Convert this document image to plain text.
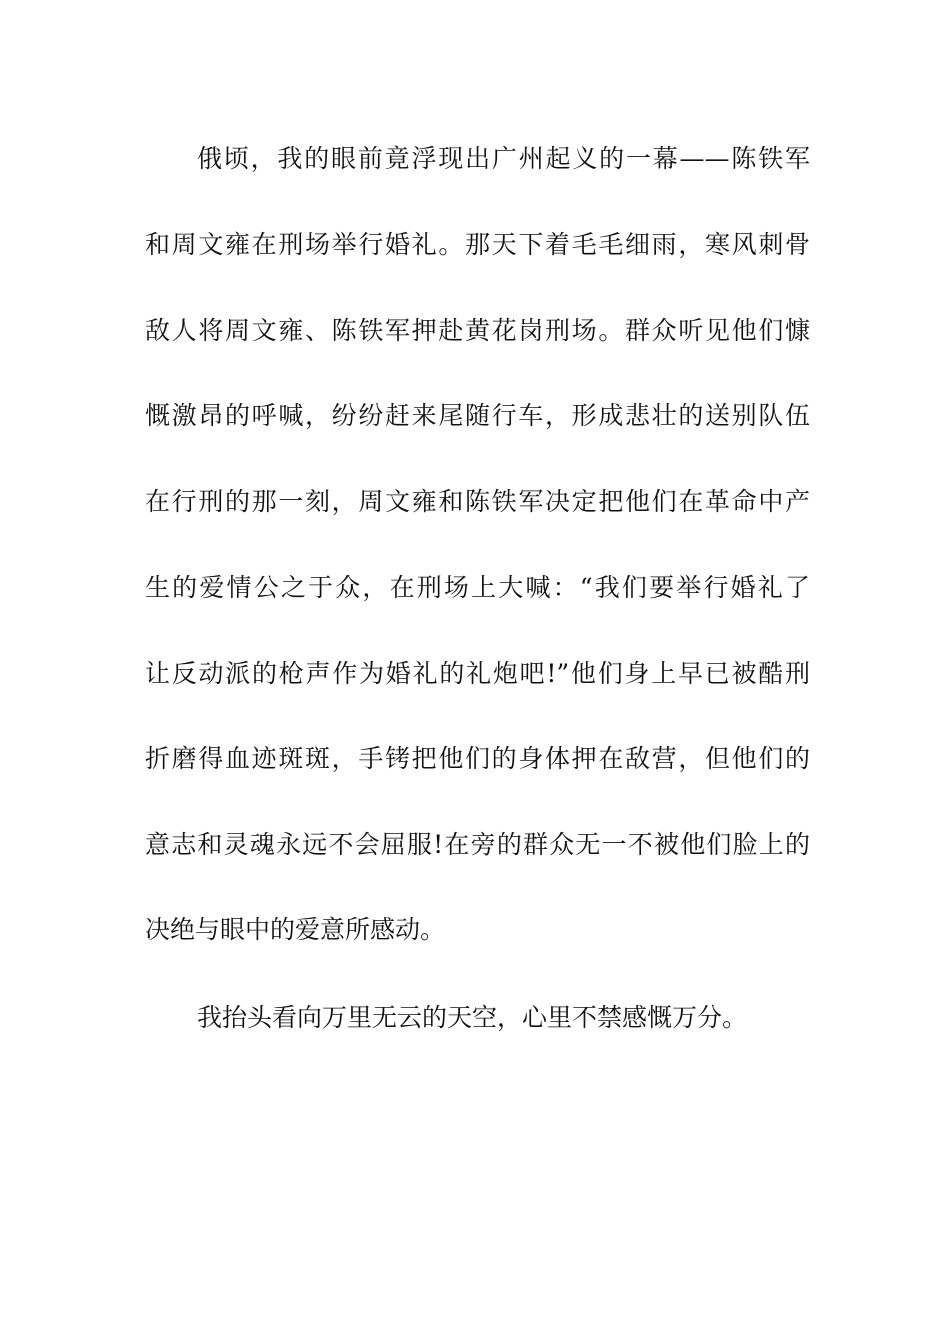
俄顷，我的眼前竟浮现出广州起义的一幕——陈铁军
和周文雍在刑场举行婚礼。那天下着毛毛细雨，寒风刺骨
敌人将周文雍、陈铁军押赴黄花岗刑场。群众听见他们慷
慨激昂的呼喊，纷纷赶来尾随行车，形成悲壮的送别队伍
在行刑的那一刻，周文雍和陈铁军决定把他们在革命中产
生的爱情公之于众，在刑场上大喊：“我们要举行婚礼了
让反动派的枪声作为婚礼的礼炮吧!”他们身上早已被酷刑
折磨得血迹斑斑，手铐把他们的身体押在敌营，但他们的
意志和灵魂永远不会屈服!在旁的群众无一不被他们脸上的
决绝与眼中的爱意所感动。
我抬头看向万里无云的天空，心里不禁感慨万分。
